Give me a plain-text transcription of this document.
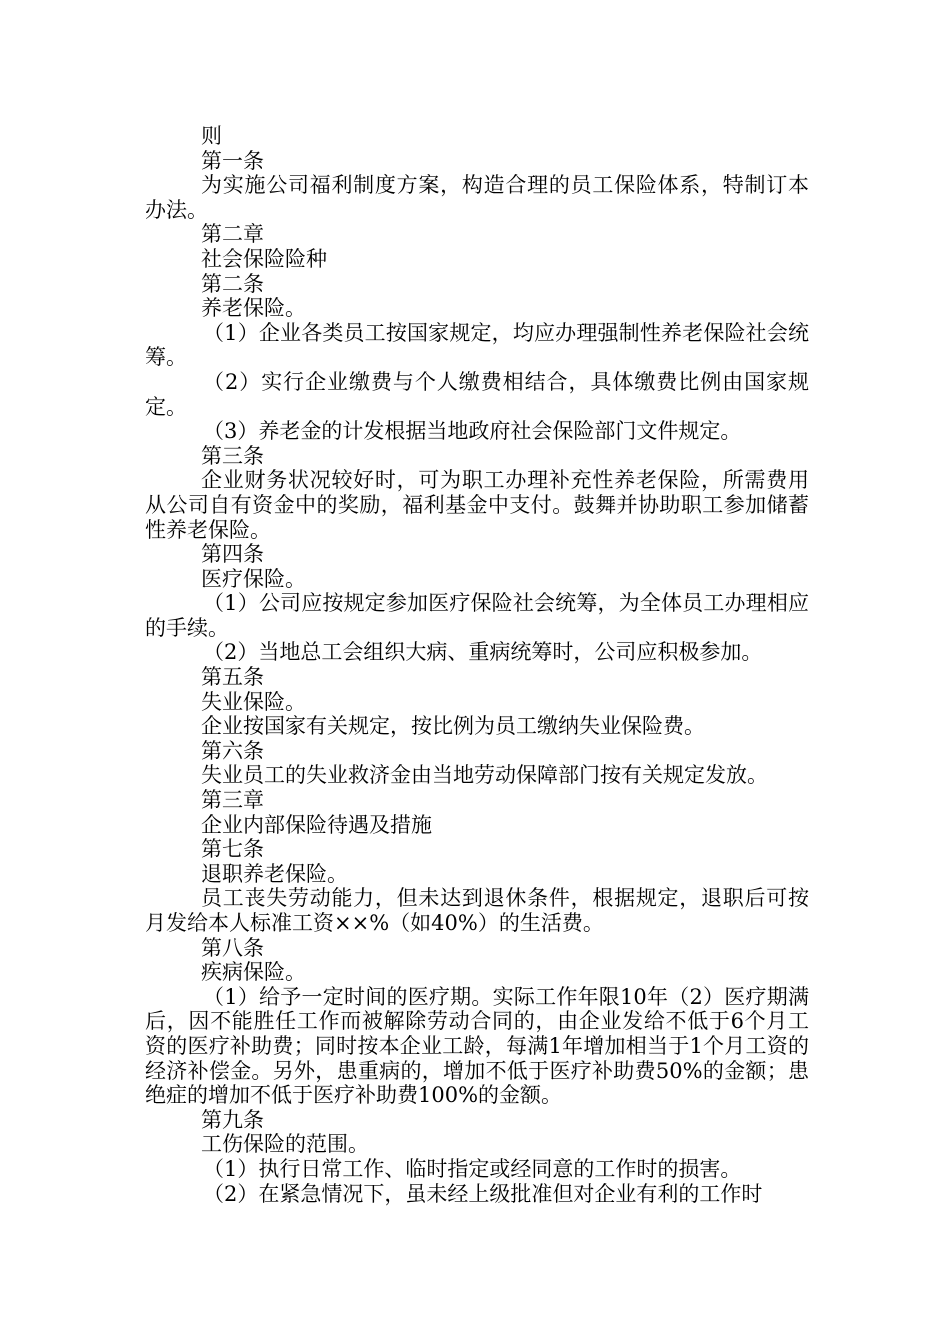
则

第一条

为实施公司福利制度方案，构造合理的员工保险体系，特制订本办法。

第二章

社会保险险种

第二条

养老保险。

（1）企业各类员工按国家规定，均应办理强制性养老保险社会统筹。

（2）实行企业缴费与个人缴费相结合，具体缴费比例由国家规定。

（3）养老金的计发根据当地政府社会保险部门文件规定。

第三条

企业财务状况较好时，可为职工办理补充性养老保险，所需费用从公司自有资金中的奖励，福利基金中支付。鼓舞并协助职工参加储蓄性养老保险。

第四条

医疗保险。

（1）公司应按规定参加医疗保险社会统筹，为全体员工办理相应的手续。

（2）当地总工会组织大病、重病统筹时，公司应积极参加。

第五条

失业保险。

企业按国家有关规定，按比例为员工缴纳失业保险费。

第六条

失业员工的失业救济金由当地劳动保障部门按有关规定发放。

第三章

企业内部保险待遇及措施

第七条

退职养老保险。

员工丧失劳动能力，但未达到退休条件，根据规定，退职后可按月发给本人标准工资××%（如40%）的生活费。

第八条

疾病保险。

（1）给予一定时间的医疗期。实际工作年限10年（2）医疗期满后，因不能胜任工作而被解除劳动合同的，由企业发给不低于6个月工资的医疗补助费；同时按本企业工龄，每满1年增加相当于1个月工资的经济补偿金。另外，患重病的，增加不低于医疗补助费50%的金额；患绝症的增加不低于医疗补助费100%的金额。

第九条

工伤保险的范围。

（1）执行日常工作、临时指定或经同意的工作时的损害。

（2）在紧急情况下，虽未经上级批准但对企业有利的工作时
